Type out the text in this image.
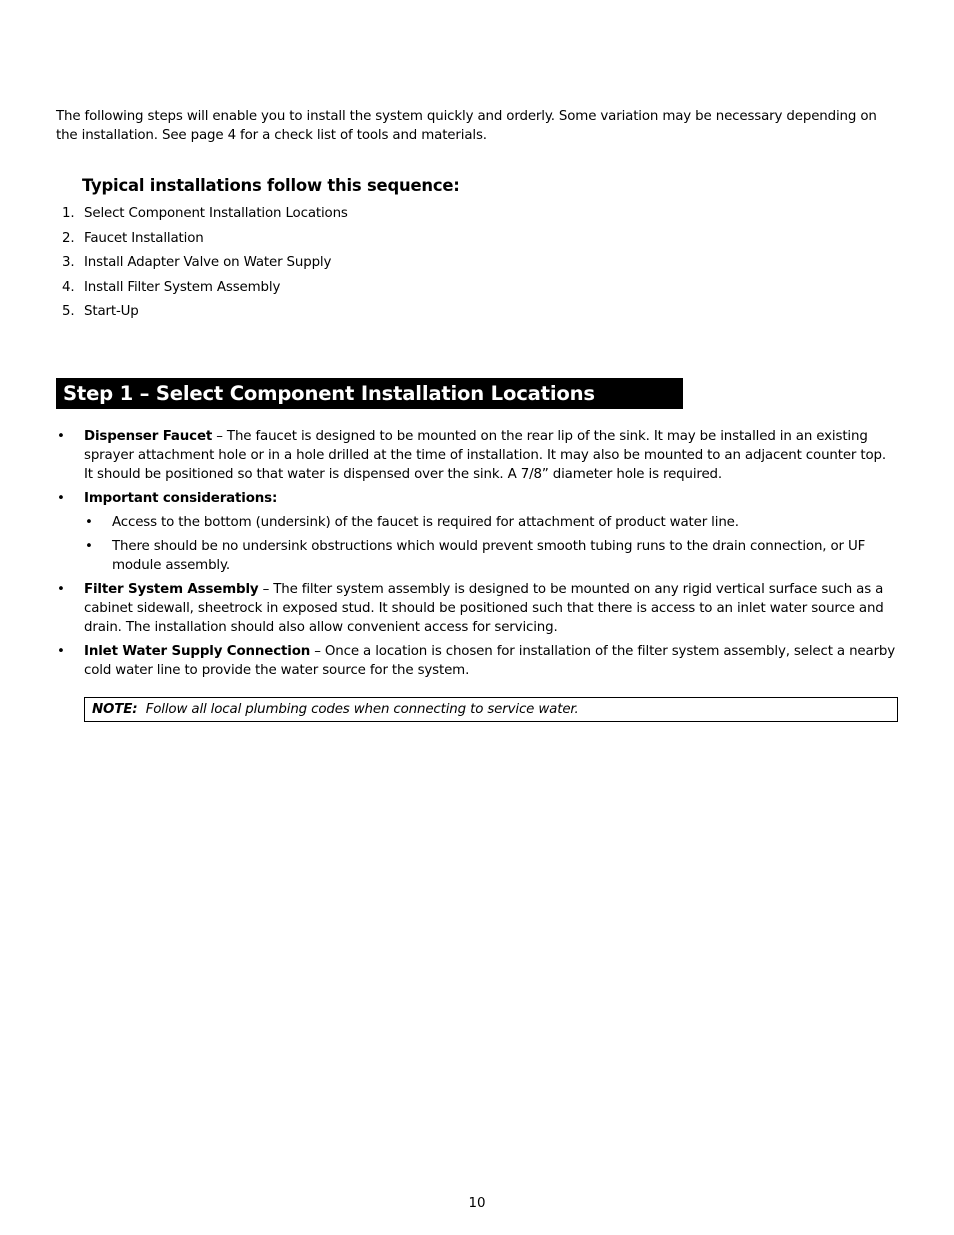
The following steps will enable you to install the system quickly and orderly. Some variation may be necessary depending on the installation. See page 4 for a check list of tools and materials.
Typical installations follow this sequence:
1. Select Component Installation Locations
2. Faucet Installation
3. Install Adapter Valve on Water Supply
4. Install Filter System Assembly
5. Start-Up
Step 1 – Select Component Installation Locations
•	Dispenser Faucet – The faucet is designed to be mounted on the rear lip of the sink. It may be installed in an existing sprayer attachment hole or in a hole drilled at the time of installation. It may also be mounted to an adjacent counter top. It should be positioned so that water is dispensed over the sink. A 7/8” diameter hole is required.
•	Important considerations:
•	Access to the bottom (undersink) of the faucet is required for attachment of product water line.
•	There should be no undersink obstructions which would prevent smooth tubing runs to the drain connection, or UF module assembly.
•	Filter System Assembly – The filter system assembly is designed to be mounted on any rigid vertical surface such as a cabinet sidewall, sheetrock in exposed stud. It should be positioned such that there is access to an inlet water source and drain. The installation should also allow convenient access for servicing.
•	Inlet Water Supply Connection – Once a location is chosen for installation of the filter system assembly, select a nearby cold water line to provide the water source for the system.
NOTE:  Follow all local plumbing codes when connecting to service water.
10
